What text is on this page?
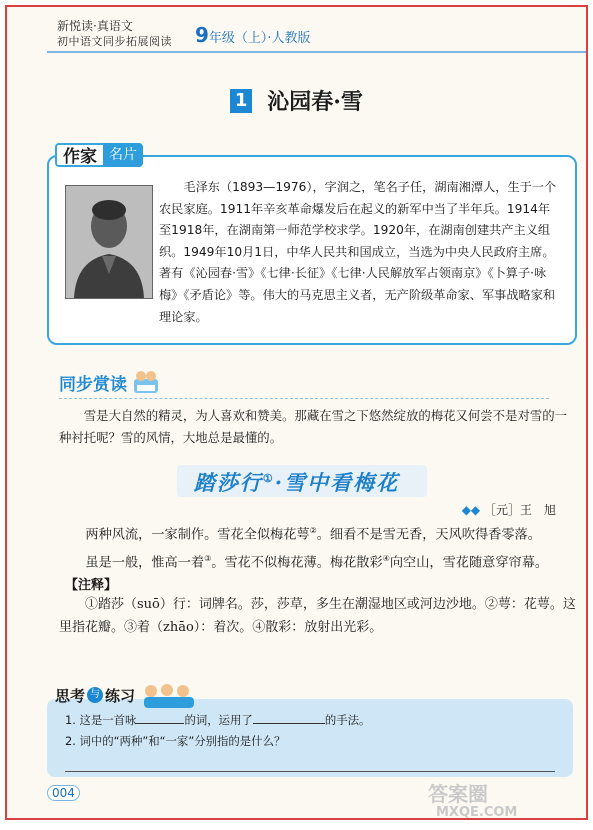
新悦读·真语文
初中语文同步拓展阅读 9年级（上）·人教版
1 沁园春·雪
作家 名片

毛泽东（1893—1976），字润之，笔名子任，湖南湘潭人，生于一个农民家庭。1911年辛亥革命爆发后在起义的新军中当了半年兵。1914年至1918年，在湖南第一师范学校求学。1920年，在湖南创建共产主义组织。1949年10月1日，中华人民共和国成立，当选为中央人民政府主席。著有《沁园春·雪》《七律·长征》《七律·人民解放军占领南京》《卜算子·咏梅》《矛盾论》等。伟大的马克思主义者，无产阶级革命家、军事战略家和理论家。

同步赏读

雪是大自然的精灵，为人喜欢和赞美。那藏在雪之下悠然绽放的梅花又何尝不是对雪的一种衬托呢？雪的风情，大地总是最懂的。

踏莎行①·雪中看梅花
◆◆ ［元］王　旭

两种风流，一家制作。雪花全似梅花萼②。细看不是雪无香，天风吹得香零落。

虽是一般，惟高一着③。雪花不似梅花薄。梅花散彩④向空山，雪花随意穿帘幕。

【注释】

①踏莎（suō）行：词牌名。莎，莎草，多生在潮湿地区或河边沙地。②萼：花萼。这里指花瓣。③着（zhāo）：着次。④散彩：放射出光彩。

思考 与 练习
1. 这是一首咏	的词，运用了	的手法。
2. 词中的“两种”和“一家”分别指的是什么？
004	答案圈
MXQE.COM
